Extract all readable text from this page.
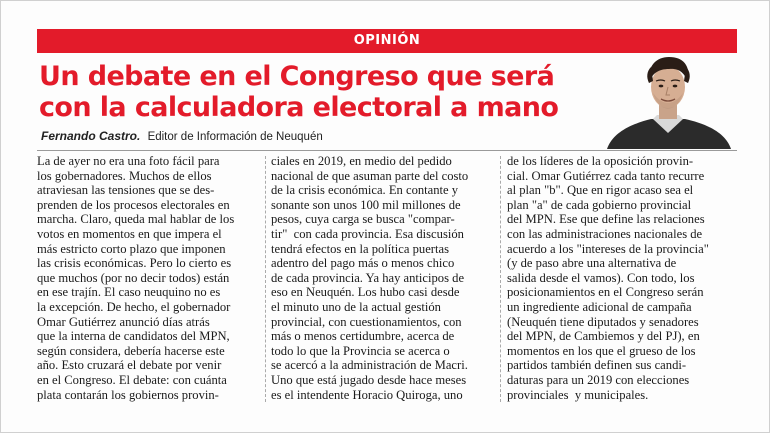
OPINIÓN
Un debate en el Congreso que será
con la calculadora electoral a mano
Fernando Castro. Editor de Información de Neuquén
La de ayer no era una foto fácil para
los gobernadores. Muchos de ellos
atraviesan las tensiones que se des-
prenden de los procesos electorales en
marcha. Claro, queda mal hablar de los
votos en momentos en que impera el
más estricto corto plazo que imponen
las crisis económicas. Pero lo cierto es
que muchos (por no decir todos) están
en ese trajín. El caso neuquino no es
la excepción. De hecho, el gobernador
Omar Gutiérrez anunció días atrás
que la interna de candidatos del MPN,
según considera, debería hacerse este
año. Esto cruzará el debate por venir
en el Congreso. El debate: con cuánta
plata contarán los gobiernos provin-
ciales en 2019, en medio del pedido
nacional de que asuman parte del costo
de la crisis económica. En contante y
sonante son unos 100 mil millones de
pesos, cuya carga se busca "compar-
tir"  con cada provincia. Esa discusión
tendrá efectos en la política puertas
adentro del pago más o menos chico
de cada provincia. Ya hay anticipos de
eso en Neuquén. Los hubo casi desde
el minuto uno de la actual gestión
provincial, con cuestionamientos, con
más o menos certidumbre, acerca de
todo lo que la Provincia se acerca o
se acercó a la administración de Macri.
Uno que está jugado desde hace meses
es el intendente Horacio Quiroga, uno
de los líderes de la oposición provin-
cial. Omar Gutiérrez cada tanto recurre
al plan "b". Que en rigor acaso sea el
plan "a" de cada gobierno provincial
del MPN. Ese que define las relaciones
con las administraciones nacionales de
acuerdo a los "intereses de la provincia"
(y de paso abre una alternativa de
salida desde el vamos). Con todo, los
posicionamientos en el Congreso serán
un ingrediente adicional de campaña
(Neuquén tiene diputados y senadores
del MPN, de Cambiemos y del PJ), en
momentos en los que el grueso de los
partidos también definen sus candi-
daturas para un 2019 con elecciones
provinciales  y municipales.
